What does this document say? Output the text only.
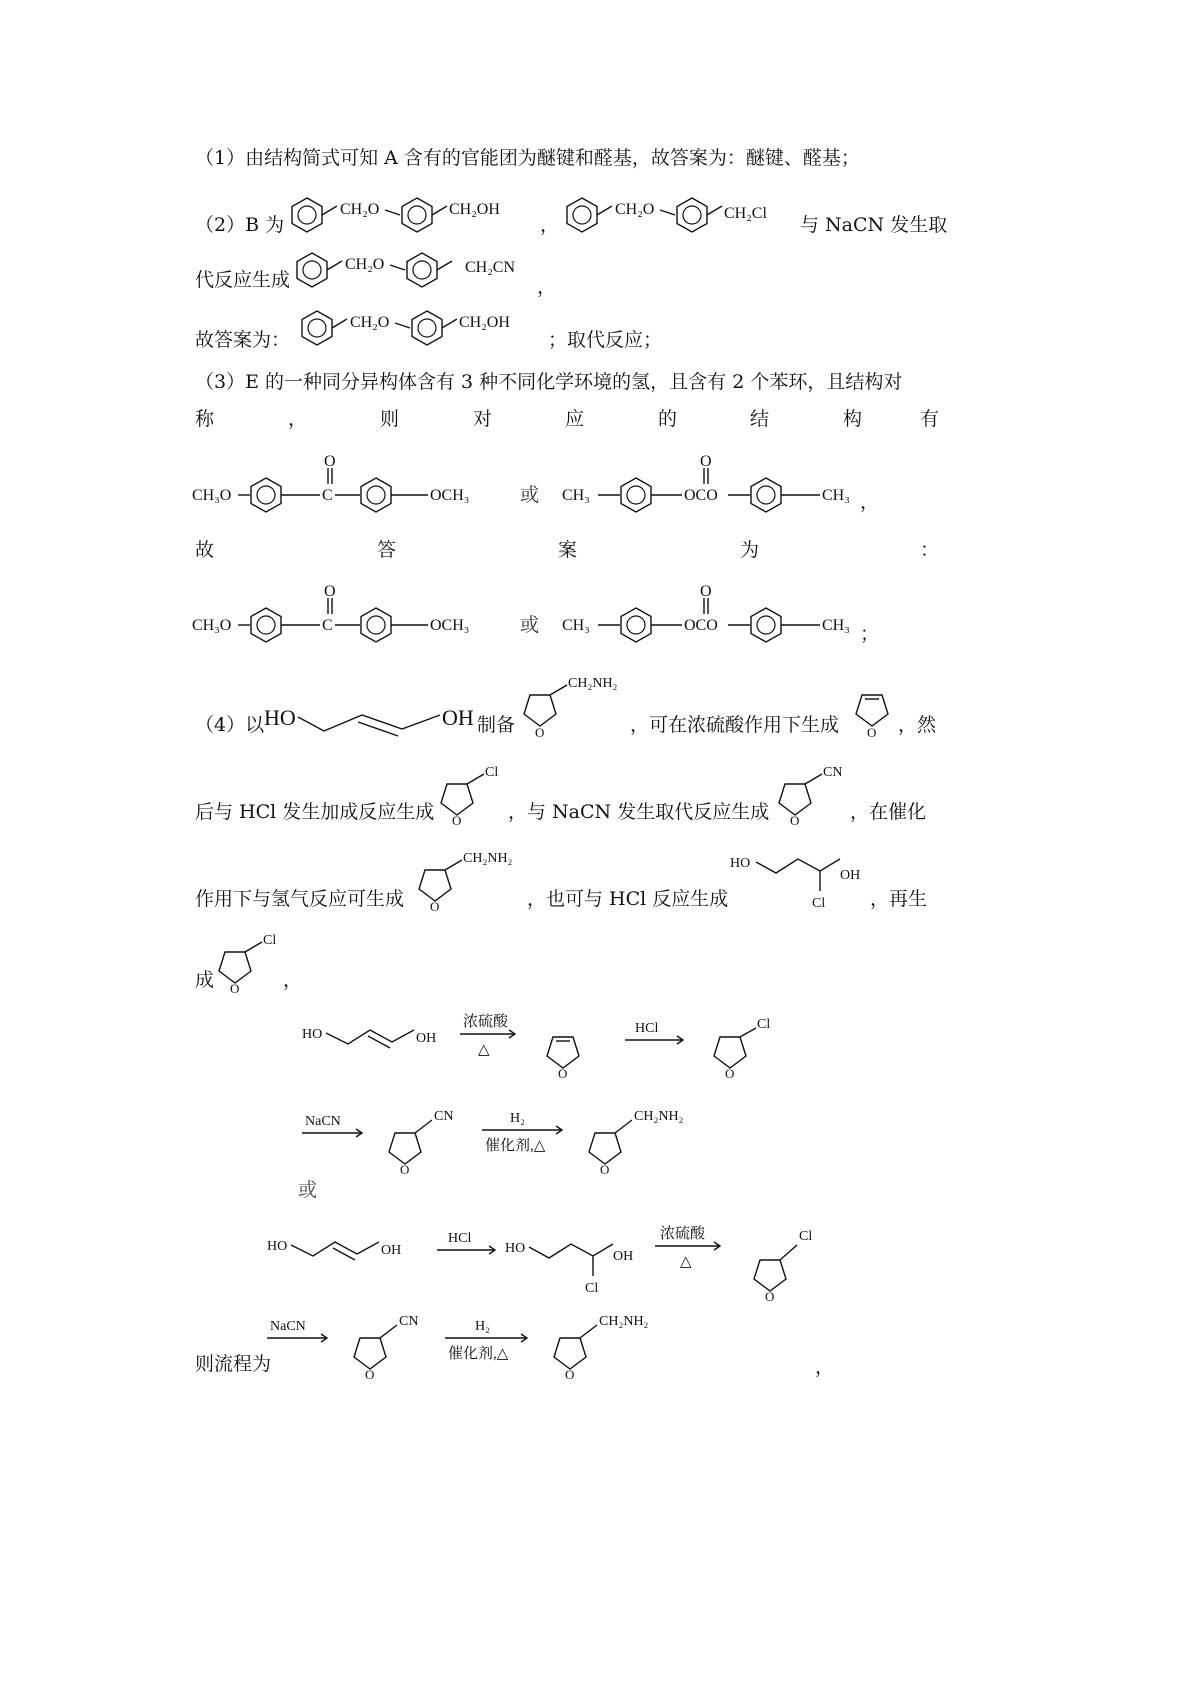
（1）由结构简式可知 A 含有的官能团为醚键和醛基，故答案为：醚键、醛基；
（2）B 为
CH₂O	CH₂OH
，
CH₂O	CH₂Cl
与 NaCN 发生取
代反应生成
CH₂O	CH₂CN
，
故答案为：
CH₂O	CH₂OH
；取代反应；
（3）E 的一种同分异构体含有 3 种不同化学环境的氢，且含有 2 个苯环，且结构对
称	，	则	对	应	的	结	构	有
CH₃O	C
O
OCH₃	或 CH₃	OCO
O
CH₃ ，
故	答	案	为	：
CH₃O	C
O
OCH₃	或 CH₃	OCO
O
CH₃ ；
（4）以 HO	OH 制备 O
CH₂NH₂
，可在浓硫酸作用下生成 O ，然
后与 HCl 发生加成反应生成 O
Cl
，与 NaCN 发生取代反应生成 O
CN
，在催化
作用下与氢气反应可生成 O
CH₂NH₂
，也可与 HCl 反应生成
HO
OH
Cl ，再生
成 O
Cl
，
HO	OH
浓硫酸
△
O
HCl
O
Cl
NaCN
O
CN	H₂
催化剂,△
O
CH₂NH₂
或
HO	OH
HCl
HO
OH
Cl
浓硫酸
△
O
Cl
则流程为
NaCN
O
CN	H₂
催化剂,△
O
CH₂NH₂
，
